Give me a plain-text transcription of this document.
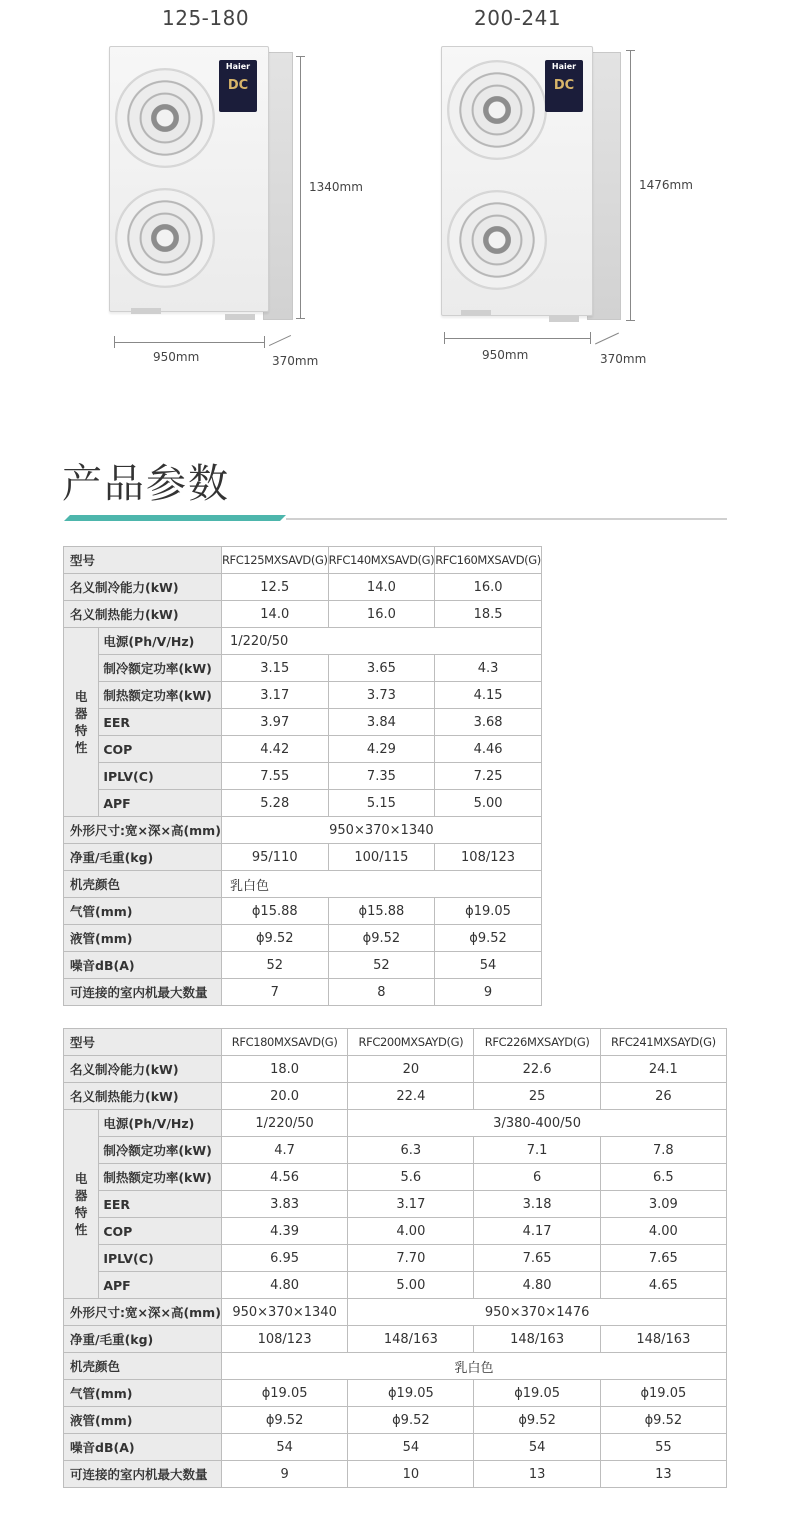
125-180	200-241
Haier
DC
Haier
DC
1340mm
950mm	370mm
1476mm
950mm	370mm
产品参数
型号		RFC125MXSAVD(G)	RFC140MXSAVD(G)	RFC160MXSAVD(G)
名义制冷能力(kW)		12.5	14.0	16.0
名义制热能力(kW)		14.0	16.0	18.5
电
器
特
性	电源(Ph/V/Hz)	1/220/50		
	制冷额定功率(kW)	3.15	3.65	4.3
	制热额定功率(kW)	3.17	3.73	4.15
	EER	3.97	3.84	3.68
	COP	4.42	4.29	4.46
	IPLV(C)	7.55	7.35	7.25
	APF	5.28	5.15	5.00
外形尺寸:宽×深×高(mm)		950×370×1340		
净重/毛重(kg)		95/110	100/115	108/123
机壳颜色		乳白色		
气管(mm)		ϕ15.88	ϕ15.88	ϕ19.05
液管(mm)		ϕ9.52	ϕ9.52	ϕ9.52
噪音dB(A)		52	52	54
可连接的室内机最大数量		7	8	9
型号		RFC180MXSAVD(G)	RFC200MXSAYD(G)	RFC226MXSAYD(G)	RFC241MXSAYD(G)
名义制冷能力(kW)		18.0	20	22.6	24.1
名义制热能力(kW)		20.0	22.4	25	26
电
器
特
性	电源(Ph/V/Hz)	1/220/50	3/380-400/50		
	制冷额定功率(kW)	4.7	6.3	7.1	7.8
	制热额定功率(kW)	4.56	5.6	6	6.5
	EER	3.83	3.17	3.18	3.09
	COP	4.39	4.00	4.17	4.00
	IPLV(C)	6.95	7.70	7.65	7.65
	APF	4.80	5.00	4.80	4.65
外形尺寸:宽×深×高(mm)		950×370×1340	950×370×1476		
净重/毛重(kg)		108/123	148/163	148/163	148/163
机壳颜色		乳白色			
气管(mm)		ϕ19.05	ϕ19.05	ϕ19.05	ϕ19.05
液管(mm)		ϕ9.52	ϕ9.52	ϕ9.52	ϕ9.52
噪音dB(A)		54	54	54	55
可连接的室内机最大数量		9	10	13	13
